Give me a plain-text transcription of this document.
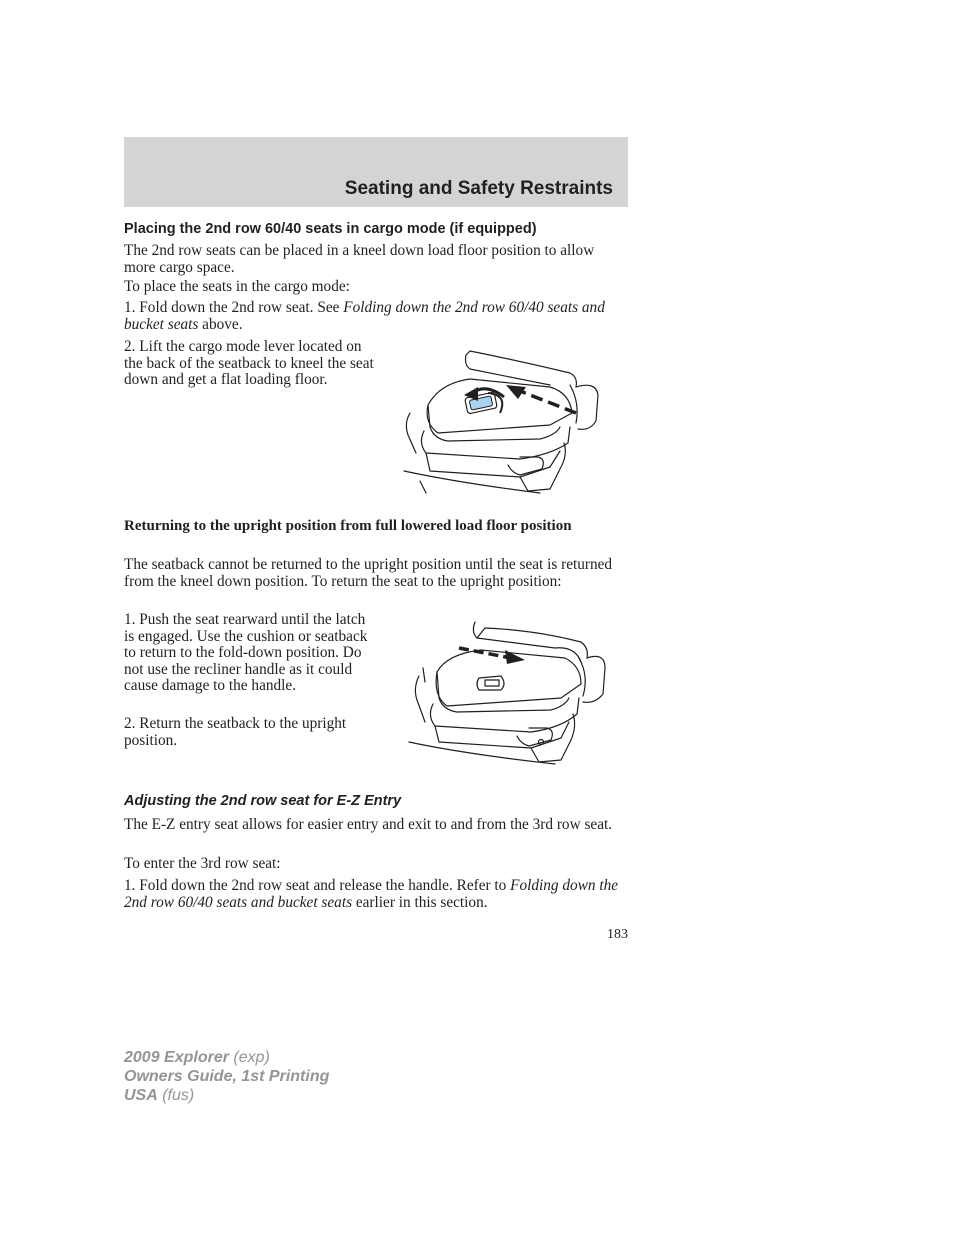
Seating and Safety Restraints
Placing the 2nd row 60/40 seats in cargo mode (if equipped)

The 2nd row seats can be placed in a kneel down load floor position to allow more cargo space.

To place the seats in the cargo mode:

1. Fold down the 2nd row seat. See Folding down the 2nd row 60/40 seats and bucket seats above.

2. Lift the cargo mode lever located on the back of the seatback to kneel the seat down and get a flat loading floor.

Returning to the upright position from full lowered load floor position

The seatback cannot be returned to the upright position until the seat is returned from the kneel down position. To return the seat to the upright position:

1. Push the seat rearward until the latch is engaged. Use the cushion or seatback to return to the fold-down position. Do not use the recliner handle as it could cause damage to the handle.

2. Return the seatback to the upright position.

Adjusting the 2nd row seat for E-Z Entry

The E-Z entry seat allows for easier entry and exit to and from the 3rd row seat.

To enter the 3rd row seat:

1. Fold down the 2nd row seat and release the handle. Refer to Folding down the 2nd row 60/40 seats and bucket seats earlier in this section.

183

2009 Explorer (exp)
Owners Guide, 1st Printing
USA (fus)
